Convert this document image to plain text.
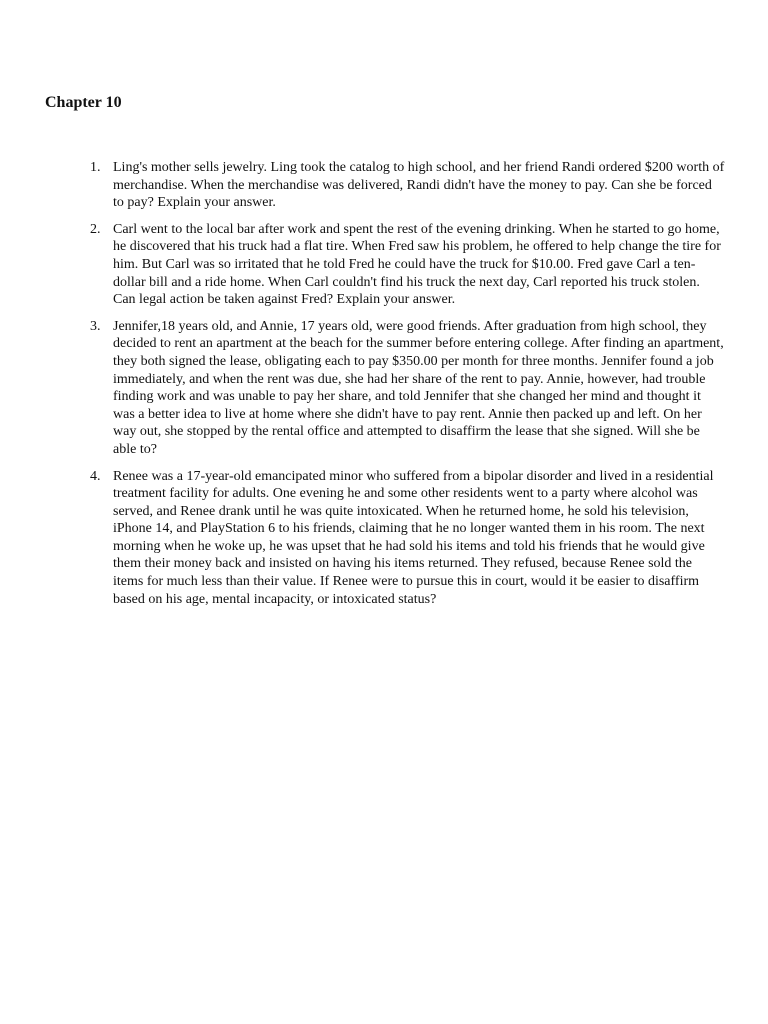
Chapter 10
1. Ling's mother sells jewelry. Ling took the catalog to high school, and her friend Randi ordered $200 worth of merchandise. When the merchandise was delivered, Randi didn't have the money to pay. Can she be forced to pay? Explain your answer.
2. Carl went to the local bar after work and spent the rest of the evening drinking. When he started to go home, he discovered that his truck had a flat tire. When Fred saw his problem, he offered to help change the tire for him. But Carl was so irritated that he told Fred he could have the truck for $10.00. Fred gave Carl a ten-dollar bill and a ride home. When Carl couldn't find his truck the next day, Carl reported his truck stolen. Can legal action be taken against Fred? Explain your answer.
3. Jennifer,18 years old, and Annie, 17 years old, were good friends. After graduation from high school, they decided to rent an apartment at the beach for the summer before entering college. After finding an apartment, they both signed the lease, obligating each to pay $350.00 per month for three months. Jennifer found a job immediately, and when the rent was due, she had her share of the rent to pay. Annie, however, had trouble finding work and was unable to pay her share, and told Jennifer that she changed her mind and thought it was a better idea to live at home where she didn't have to pay rent. Annie then packed up and left. On her way out, she stopped by the rental office and attempted to disaffirm the lease that she signed. Will she be able to?
4. Renee was a 17-year-old emancipated minor who suffered from a bipolar disorder and lived in a residential treatment facility for adults. One evening he and some other residents went to a party where alcohol was served, and Renee drank until he was quite intoxicated. When he returned home, he sold his television, iPhone 14, and PlayStation 6 to his friends, claiming that he no longer wanted them in his room. The next morning when he woke up, he was upset that he had sold his items and told his friends that he would give them their money back and insisted on having his items returned. They refused, because Renee sold the items for much less than their value. If Renee were to pursue this in court, would it be easier to disaffirm based on his age, mental incapacity, or intoxicated status?
